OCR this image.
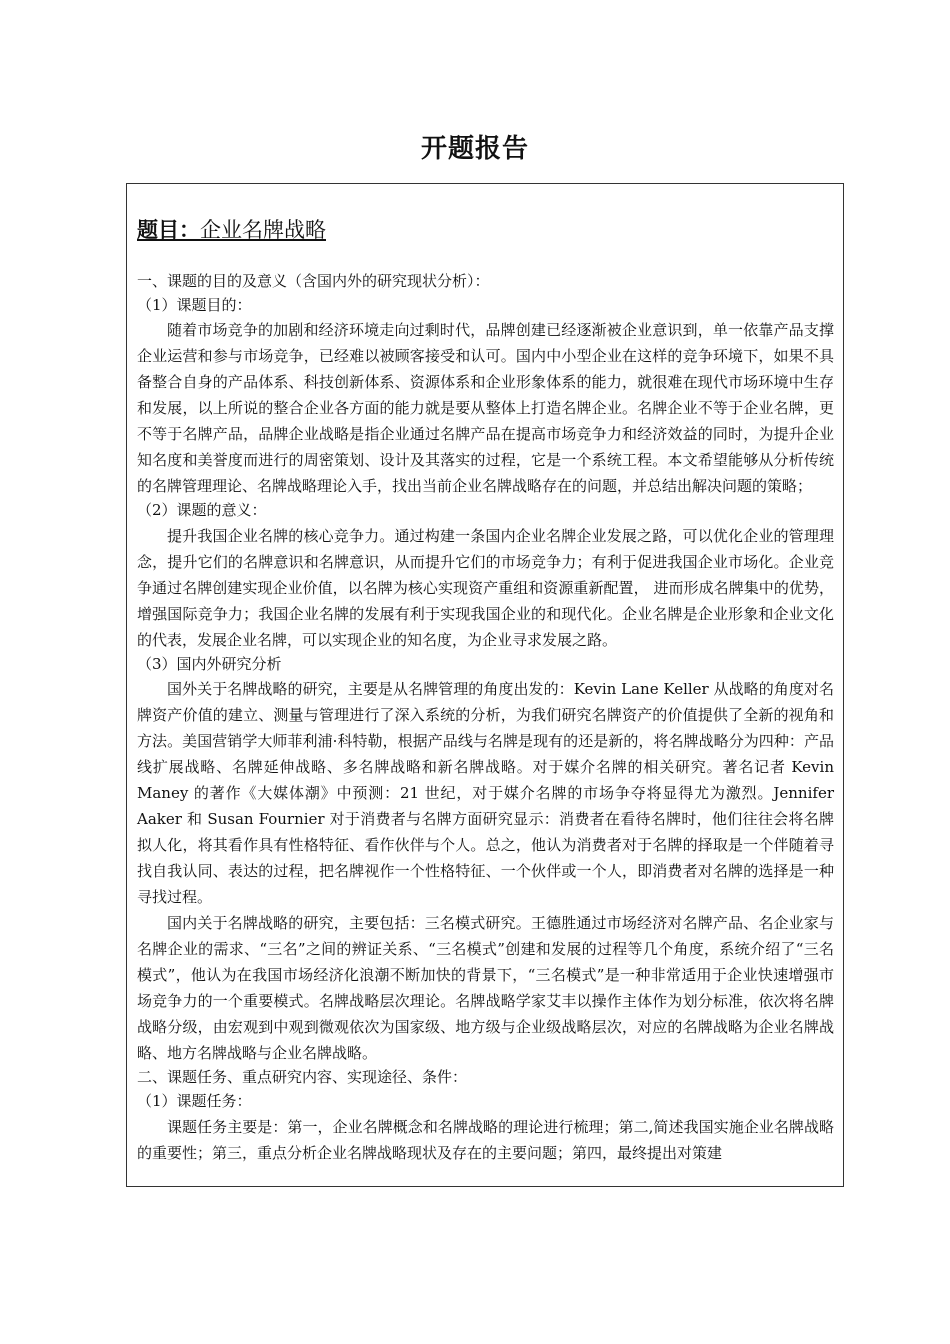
开题报告

题目：企业名牌战略

一、课题的目的及意义（含国内外的研究现状分析）：

（1）课题目的：

随着市场竞争的加剧和经济环境走向过剩时代，品牌创建已经逐渐被企业意识到，单一依靠产品支撑企业运营和参与市场竞争，已经难以被顾客接受和认可。国内中小型企业在这样的竞争环境下，如果不具备整合自身的产品体系、科技创新体系、资源体系和企业形象体系的能力，就很难在现代市场环境中生存和发展，以上所说的整合企业各方面的能力就是要从整体上打造名牌企业。名牌企业不等于企业名牌，更不等于名牌产品，品牌企业战略是指企业通过名牌产品在提高市场竞争力和经济效益的同时，为提升企业知名度和美誉度而进行的周密策划、设计及其落实的过程，它是一个系统工程。本文希望能够从分析传统的名牌管理理论、名牌战略理论入手，找出当前企业名牌战略存在的问题，并总结出解决问题的策略；

（2）课题的意义：

提升我国企业名牌的核心竞争力。通过构建一条国内企业名牌企业发展之路，可以优化企业的管理理念，提升它们的名牌意识和名牌意识，从而提升它们的市场竞争力；有利于促进我国企业市场化。企业竞争通过名牌创建实现企业价值，以名牌为核心实现资产重组和资源重新配置， 进而形成名牌集中的优势， 增强国际竞争力；我国企业名牌的发展有利于实现我国企业的和现代化。企业名牌是企业形象和企业文化的代表，发展企业名牌，可以实现企业的知名度，为企业寻求发展之路。

（3）国内外研究分析

国外关于名牌战略的研究，主要是从名牌管理的角度出发的：Kevin Lane Keller 从战略的角度对名牌资产价值的建立、测量与管理进行了深入系统的分析，为我们研究名牌资产的价值提供了全新的视角和方法。美国营销学大师菲利浦·科特勒，根据产品线与名牌是现有的还是新的，将名牌战略分为四种：产品线扩展战略、名牌延伸战略、多名牌战略和新名牌战略。对于媒介名牌的相关研究。著名记者 Kevin Maney 的著作《大媒体潮》中预测：21 世纪，对于媒介名牌的市场争夺将显得尤为激烈。Jennifer Aaker 和 Susan Fournier 对于消费者与名牌方面研究显示：消费者在看待名牌时，他们往往会将名牌拟人化，将其看作具有性格特征、看作伙伴与个人。总之，他认为消费者对于名牌的择取是一个伴随着寻找自我认同、表达的过程，把名牌视作一个性格特征、一个伙伴或一个人，即消费者对名牌的选择是一种寻找过程。

国内关于名牌战略的研究，主要包括：三名模式研究。王德胜通过市场经济对名牌产品、名企业家与名牌企业的需求、“三名”之间的辨证关系、“三名模式”创建和发展的过程等几个角度，系统介绍了“三名模式”，他认为在我国市场经济化浪潮不断加快的背景下，“三名模式”是一种非常适用于企业快速增强市场竞争力的一个重要模式。名牌战略层次理论。名牌战略学家艾丰以操作主体作为划分标准，依次将名牌战略分级，由宏观到中观到微观依次为国家级、地方级与企业级战略层次，对应的名牌战略为企业名牌战略、地方名牌战略与企业名牌战略。

二、课题任务、重点研究内容、实现途径、条件：

（1）课题任务：

课题任务主要是：第一，企业名牌概念和名牌战略的理论进行梳理；第二,简述我国实施企业名牌战略的重要性；第三，重点分析企业名牌战略现状及存在的主要问题；第四，最终提出对策建
